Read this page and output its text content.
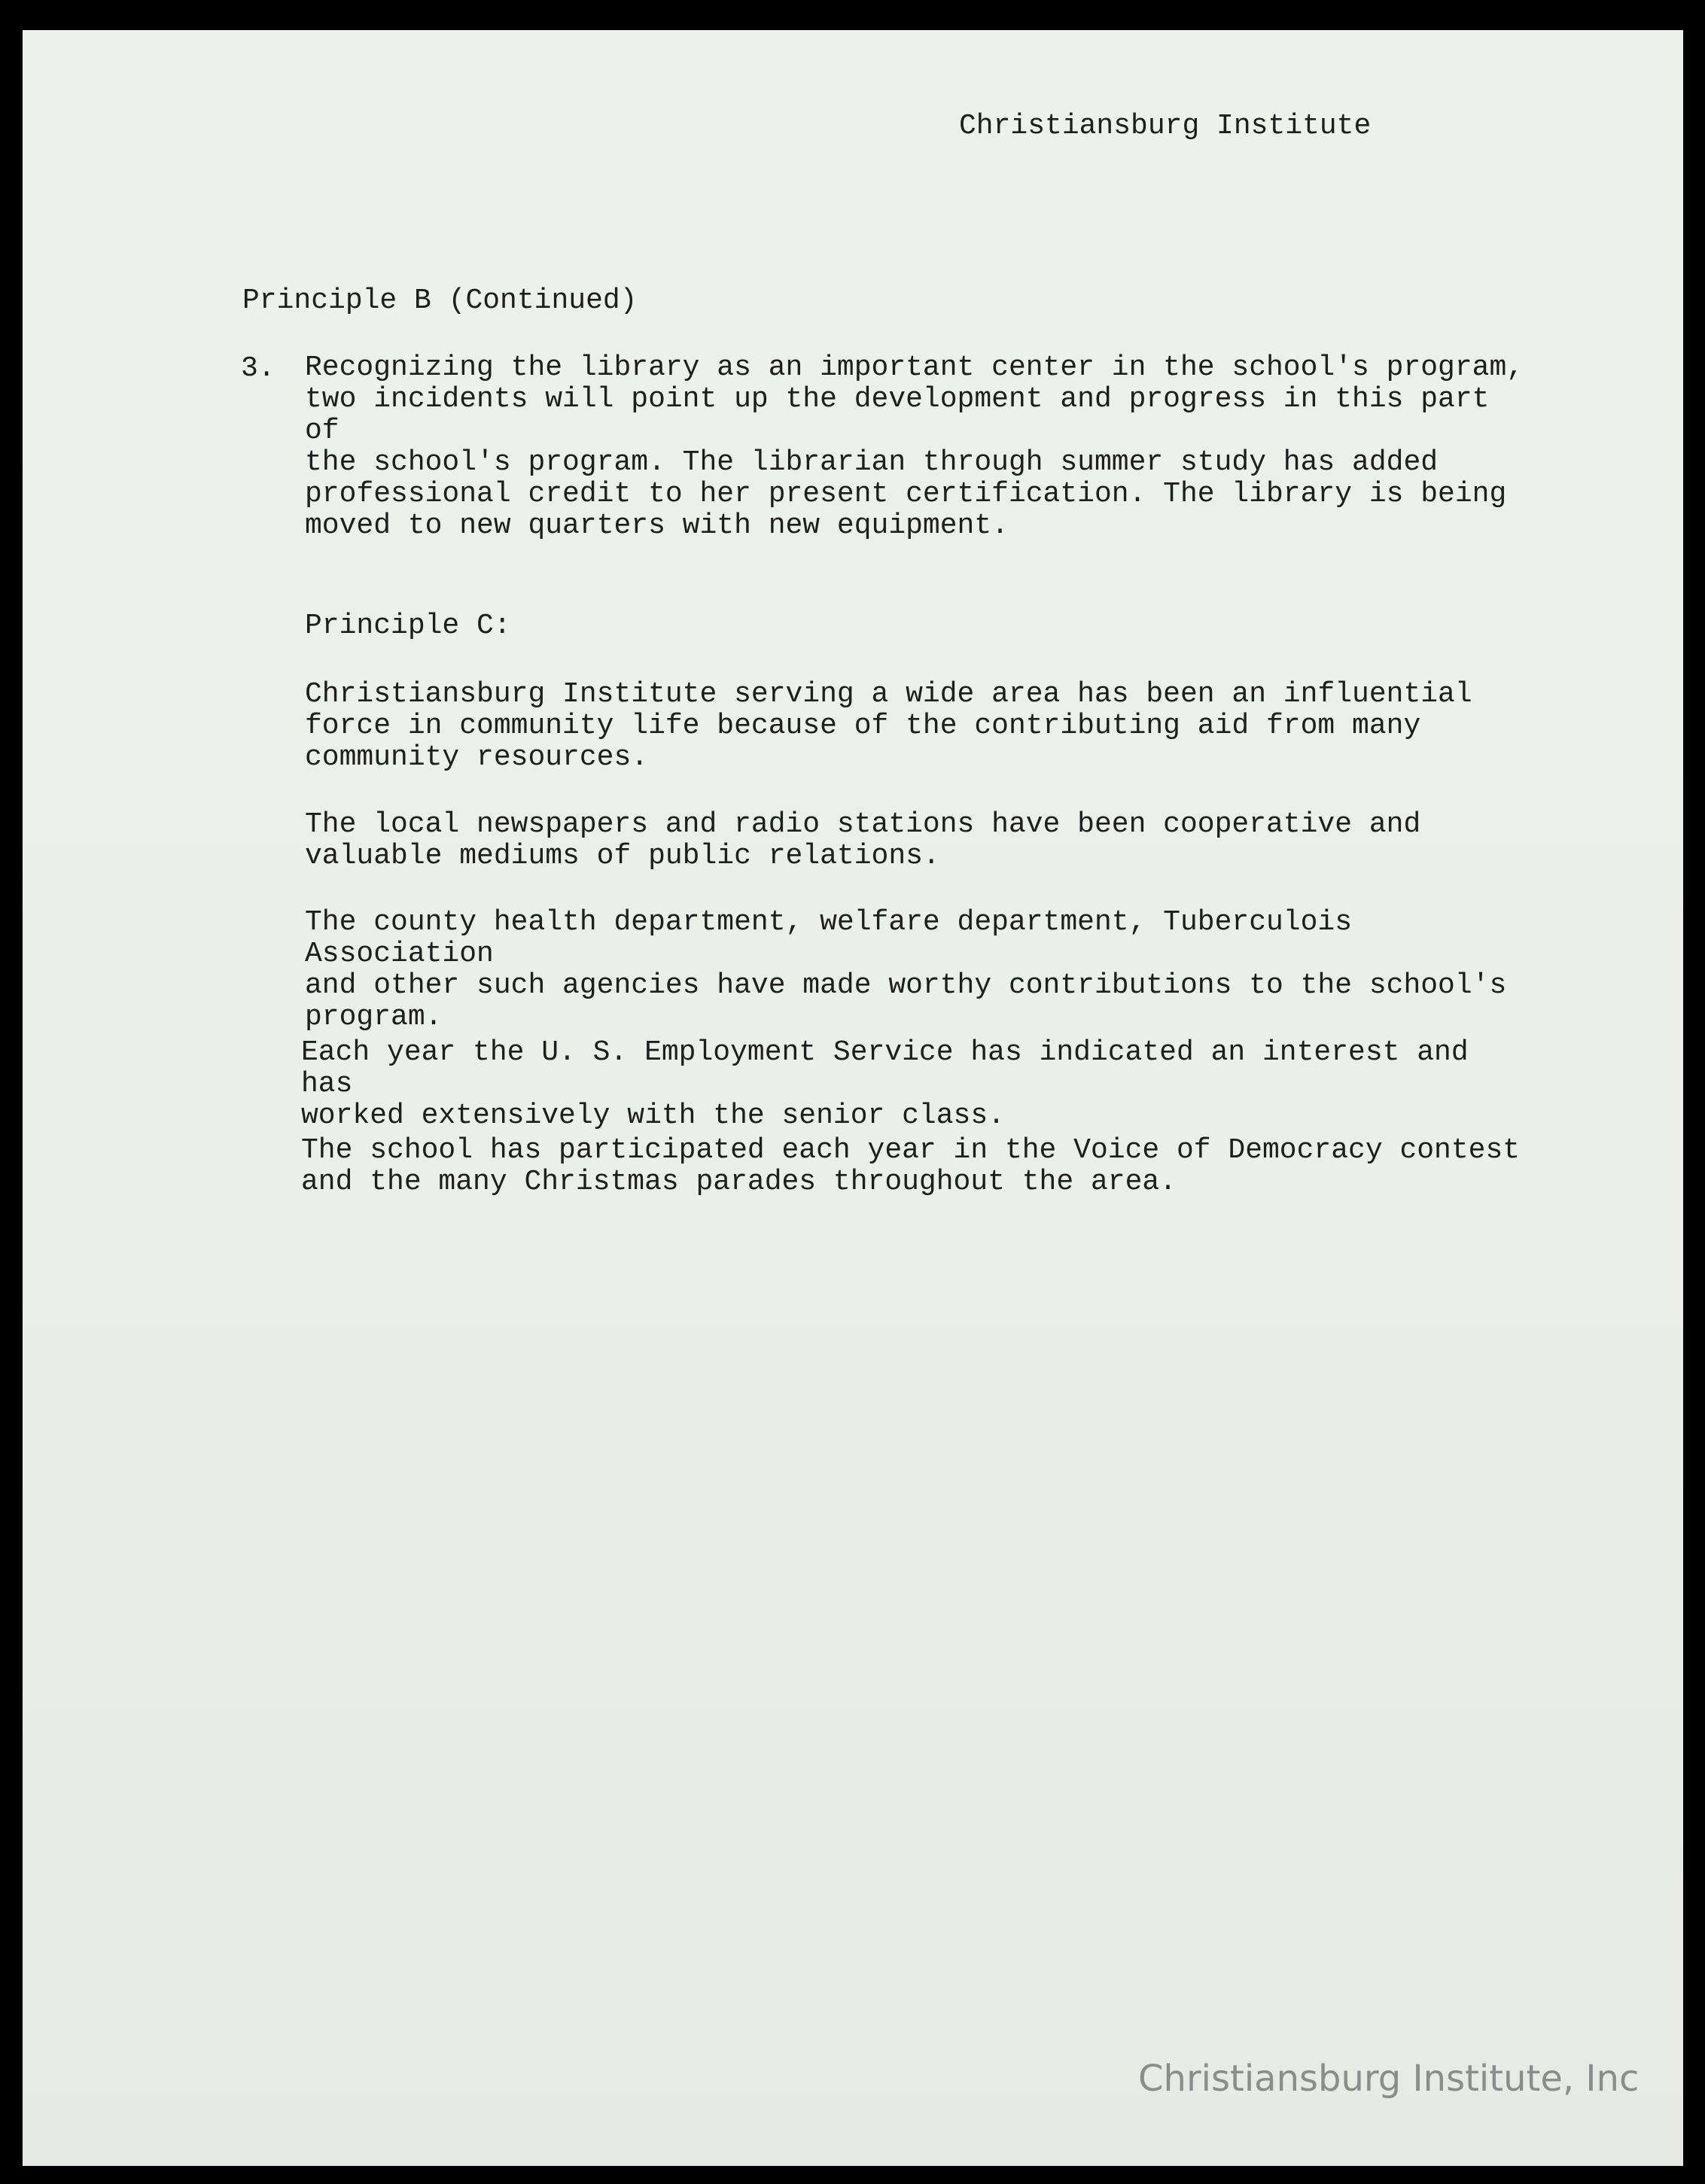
Christiansburg Institute
Principle B (Continued)
3. Recognizing the library as an important center in the school's program,
two incidents will point up the development and progress in this part of
the school's program. The librarian through summer study has added
professional credit to her present certification. The library is being
moved to new quarters with new equipment.
Principle C:
Christiansburg Institute serving a wide area has been an influential
force in community life because of the contributing aid from many
community resources.
The local newspapers and radio stations have been cooperative and
valuable mediums of public relations.
The county health department, welfare department, Tuberculois Association
and other such agencies have made worthy contributions to the school's
program.
Each year the U. S. Employment Service has indicated an interest and has
worked extensively with the senior class.
The school has participated each year in the Voice of Democracy contest
and the many Christmas parades throughout the area.
Christiansburg Institute, Inc
